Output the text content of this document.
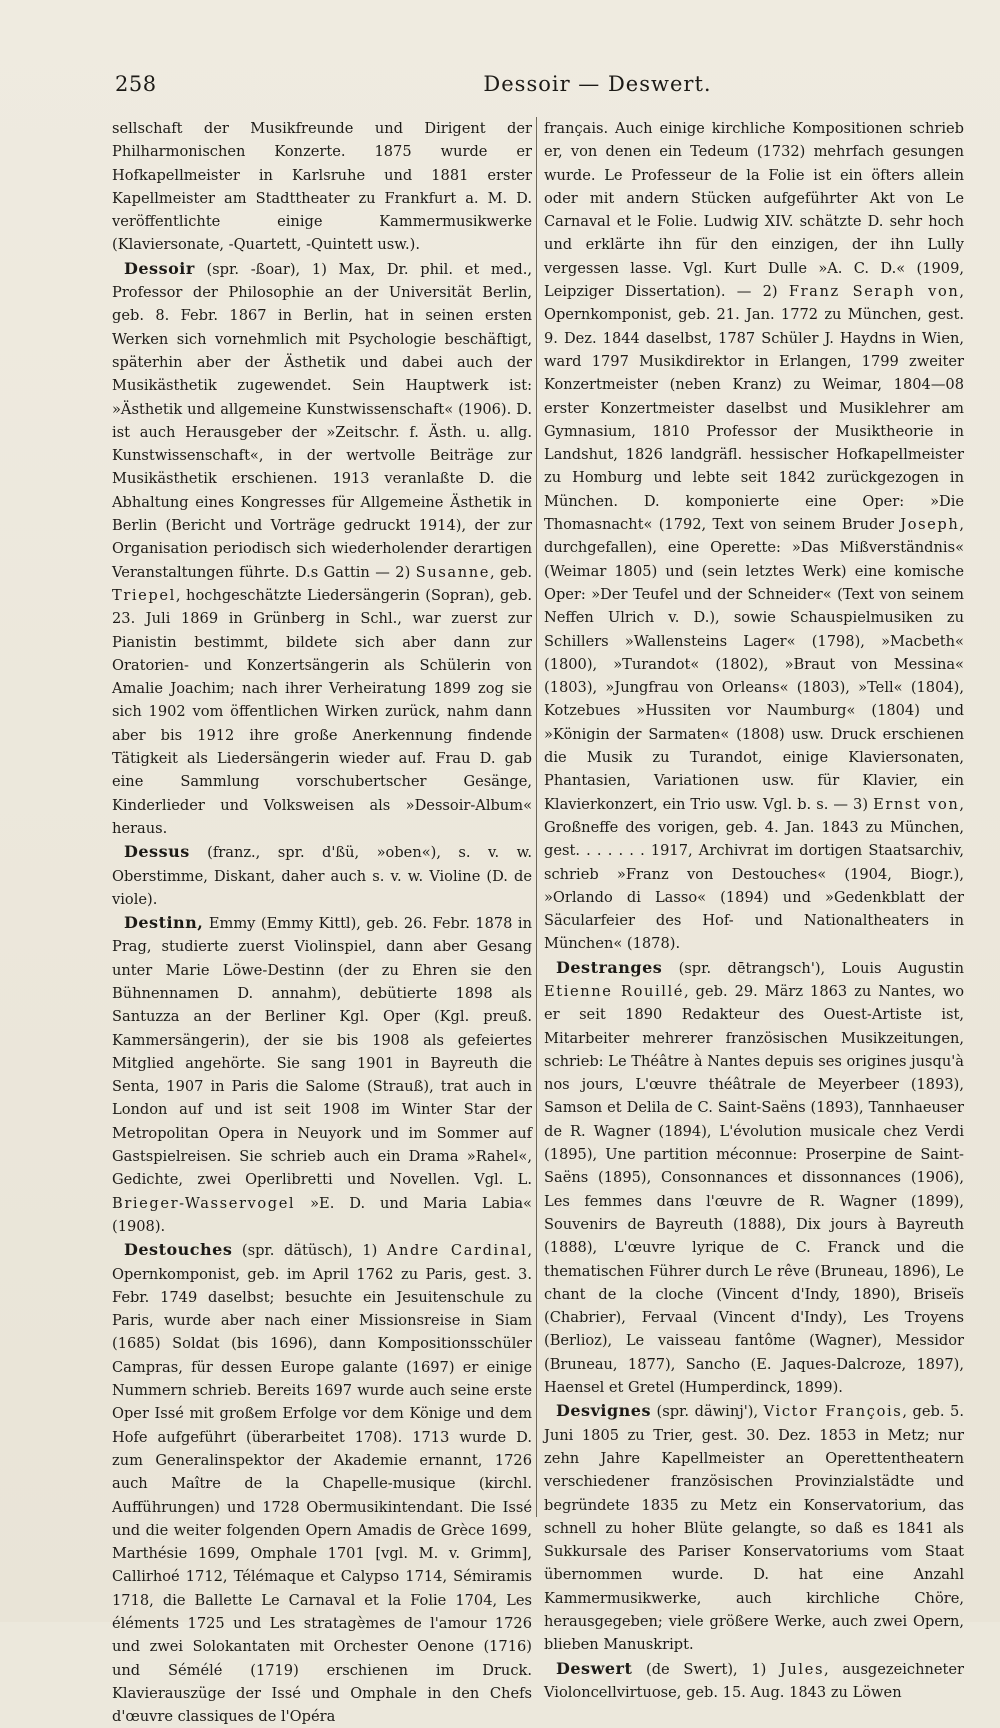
258	Dessoir — Deswert.

sellschaft der Musikfreunde und Dirigent der Philharmonischen Konzerte. 1875 wurde er Hofkapellmeister in Karlsruhe und 1881 erster Kapellmeister am Stadttheater zu Frankfurt a. M. D. veröffentlichte einige Kammermusikwerke (Klaviersonate, -Quartett, -Quintett usw.).

Dessoir (spr. -ßoar), 1) Max, Dr. phil. et med., Professor der Philosophie an der Universität Berlin, geb. 8. Febr. 1867 in Berlin, hat in seinen ersten Werken sich vornehmlich mit Psychologie beschäftigt, späterhin aber der Ästhetik und dabei auch der Musikästhetik zugewendet. Sein Hauptwerk ist: »Ästhetik und allgemeine Kunstwissenschaft« (1906). D. ist auch Herausgeber der »Zeitschr. f. Ästh. u. allg. Kunstwissenschaft«, in der wertvolle Beiträge zur Musikästhetik erschienen. 1913 veranlaßte D. die Abhaltung eines Kongresses für Allgemeine Ästhetik in Berlin (Bericht und Vorträge gedruckt 1914), der zur Organisation periodisch sich wiederholender derartigen Veranstaltungen führte. D.s Gattin — 2) Susanne, geb. Triepel, hochgeschätzte Liedersängerin (Sopran), geb. 23. Juli 1869 in Grünberg in Schl., war zuerst zur Pianistin bestimmt, bildete sich aber dann zur Oratorien- und Konzertsängerin als Schülerin von Amalie Joachim; nach ihrer Verheiratung 1899 zog sie sich 1902 vom öffentlichen Wirken zurück, nahm dann aber bis 1912 ihre große Anerkennung findende Tätigkeit als Liedersängerin wieder auf. Frau D. gab eine Sammlung vorschubertscher Gesänge, Kinderlieder und Volksweisen als »Dessoir-Album« heraus.

Dessus (franz., spr. d'ßü, »oben«), s. v. w. Oberstimme, Diskant, daher auch s. v. w. Violine (D. de viole).

Destinn, Emmy (Emmy Kittl), geb. 26. Febr. 1878 in Prag, studierte zuerst Violinspiel, dann aber Gesang unter Marie Löwe-Destinn (der zu Ehren sie den Bühnennamen D. annahm), debütierte 1898 als Santuzza an der Berliner Kgl. Oper (Kgl. preuß. Kammersängerin), der sie bis 1908 als gefeiertes Mitglied angehörte. Sie sang 1901 in Bayreuth die Senta, 1907 in Paris die Salome (Strauß), trat auch in London auf und ist seit 1908 im Winter Star der Metropolitan Opera in Neuyork und im Sommer auf Gastspielreisen. Sie schrieb auch ein Drama »Rahel«, Gedichte, zwei Operlibretti und Novellen. Vgl. L. Brieger-Wasservogel »E. D. und Maria Labia« (1908).

Destouches (spr. dätüsch), 1) Andre Cardinal, Opernkomponist, geb. im April 1762 zu Paris, gest. 3. Febr. 1749 daselbst; besuchte ein Jesuitenschule zu Paris, wurde aber nach einer Missionsreise in Siam (1685) Soldat (bis 1696), dann Kompositionsschüler Campras, für dessen Europe galante (1697) er einige Nummern schrieb. Bereits 1697 wurde auch seine erste Oper Issé mit großem Erfolge vor dem Könige und dem Hofe aufgeführt (überarbeitet 1708). 1713 wurde D. zum Generalinspektor der Akademie ernannt, 1726 auch Maître de la Chapelle-musique (kirchl. Aufführungen) und 1728 Obermusikintendant. Die Issé und die weiter folgenden Opern Amadis de Grèce 1699, Marthésie 1699, Omphale 1701 [vgl. M. v. Grimm], Callirhoé 1712, Télémaque et Calypso 1714, Sémiramis 1718, die Ballette Le Carnaval et la Folie 1704, Les éléments 1725 und Les stratagèmes de l'amour 1726 und zwei Solokantaten mit Orchester Oenone (1716) und Sémélé (1719) erschienen im Druck. Klavierauszüge der Issé und Omphale in den Chefs d'œuvre classiques de l'Opéra

français. Auch einige kirchliche Kompositionen schrieb er, von denen ein Tedeum (1732) mehrfach gesungen wurde. Le Professeur de la Folie ist ein öfters allein oder mit andern Stücken aufgeführter Akt von Le Carnaval et le Folie. Ludwig XIV. schätzte D. sehr hoch und erklärte ihn für den einzigen, der ihn Lully vergessen lasse. Vgl. Kurt Dulle »A. C. D.« (1909, Leipziger Dissertation). — 2) Franz Seraph von, Opernkomponist, geb. 21. Jan. 1772 zu München, gest. 9. Dez. 1844 daselbst, 1787 Schüler J. Haydns in Wien, ward 1797 Musikdirektor in Erlangen, 1799 zweiter Konzertmeister (neben Kranz) zu Weimar, 1804—08 erster Konzertmeister daselbst und Musiklehrer am Gymnasium, 1810 Professor der Musiktheorie in Landshut, 1826 landgräfl. hessischer Hofkapellmeister zu Homburg und lebte seit 1842 zurückgezogen in München. D. komponierte eine Oper: »Die Thomasnacht« (1792, Text von seinem Bruder Joseph, durchgefallen), eine Operette: »Das Mißverständnis« (Weimar 1805) und (sein letztes Werk) eine komische Oper: »Der Teufel und der Schneider« (Text von seinem Neffen Ulrich v. D.), sowie Schauspielmusiken zu Schillers »Wallensteins Lager« (1798), »Macbeth« (1800), »Turandot« (1802), »Braut von Messina« (1803), »Jungfrau von Orleans« (1803), »Tell« (1804), Kotzebues »Hussiten vor Naumburg« (1804) und »Königin der Sarmaten« (1808) usw. Druck erschienen die Musik zu Turandot, einige Klaviersonaten, Phantasien, Variationen usw. für Klavier, ein Klavierkonzert, ein Trio usw. Vgl. b. s. — 3) Ernst von, Großneffe des vorigen, geb. 4. Jan. 1843 zu München, gest. . . . . . . 1917, Archivrat im dortigen Staatsarchiv, schrieb »Franz von Destouches« (1904, Biogr.), »Orlando di Lasso« (1894) und »Gedenkblatt der Säcularfeier des Hof- und Nationaltheaters in München« (1878).

Destranges (spr. dētrangsch'), Louis Augustin Etienne Rouillé, geb. 29. März 1863 zu Nantes, wo er seit 1890 Redakteur des Ouest-Artiste ist, Mitarbeiter mehrerer französischen Musikzeitungen, schrieb: Le Théâtre à Nantes depuis ses origines jusqu'à nos jours, L'œuvre théâtrale de Meyerbeer (1893), Samson et Delila de C. Saint-Saëns (1893), Tannhaeuser de R. Wagner (1894), L'évolution musicale chez Verdi (1895), Une partition méconnue: Proserpine de Saint-Saëns (1895), Consonnances et dissonnances (1906), Les femmes dans l'œuvre de R. Wagner (1899), Souvenirs de Bayreuth (1888), Dix jours à Bayreuth (1888), L'œuvre lyrique de C. Franck und die thematischen Führer durch Le rêve (Bruneau, 1896), Le chant de la cloche (Vincent d'Indy, 1890), Briseïs (Chabrier), Fervaal (Vincent d'Indy), Les Troyens (Berlioz), Le vaisseau fantôme (Wagner), Messidor (Bruneau, 1877), Sancho (E. Jaques-Dalcroze, 1897), Haensel et Gretel (Humperdinck, 1899).

Desvignes (spr. däwinj'), Victor François, geb. 5. Juni 1805 zu Trier, gest. 30. Dez. 1853 in Metz; nur zehn Jahre Kapellmeister an Operettentheatern verschiedener französischen Provinzialstädte und begründete 1835 zu Metz ein Konservatorium, das schnell zu hoher Blüte gelangte, so daß es 1841 als Sukkursale des Pariser Konservatoriums vom Staat übernommen wurde. D. hat eine Anzahl Kammermusikwerke, auch kirchliche Chöre, herausgegeben; viele größere Werke, auch zwei Opern, blieben Manuskript.

Deswert (de Swert), 1) Jules, ausgezeichneter Violoncellvirtuose, geb. 15. Aug. 1843 zu Löwen
